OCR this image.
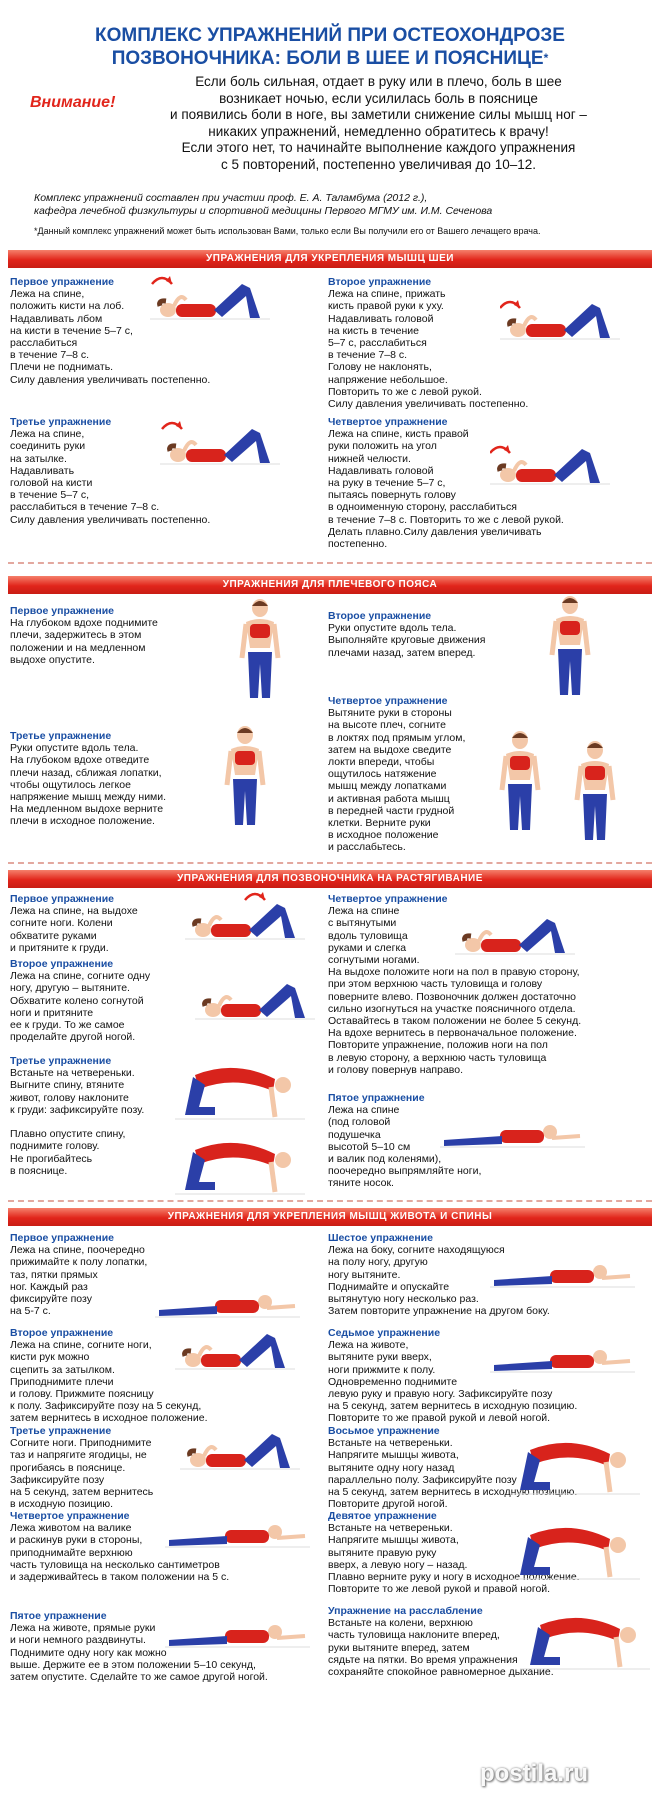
КОМПЛЕКС УПРАЖНЕНИЙ ПРИ ОСТЕОХОНДРОЗЕ
ПОЗВОНОЧНИКА: БОЛИ В ШЕЕ И ПОЯСНИЦЕ*
Внимание!
Если боль сильная, отдает в руку или в плечо, боль в шее
возникает ночью, если усилилась боль в пояснице
и появились боли в ноге, вы заметили снижение силы мышц ног –
никаких упражнений, немедленно обратитесь к врачу!
Если этого нет, то начинайте выполнение каждого упражнения
с 5 повторений, постепенно увеличивая до 10–12.
Комплекс упражнений составлен при участии проф. Е. А. Таламбума (2012 г.),
кафедра лечебной физкультуры и спортивной медицины Первого МГМУ им. И.М. Сеченова
*Данный комплекс упражнений может быть использован Вами, только если Вы получили его от Вашего лечащего врача.
УПРАЖНЕНИЯ ДЛЯ УКРЕПЛЕНИЯ МЫШЦ ШЕИ
Первое упражнение
Лежа на спине,
положить кисти на лоб.
Надавливать лбом
на кисти в течение 5–7 с,
расслабиться
в течение 7–8 с.
Плечи не поднимать.
Силу давления увеличивать постепенно.
Второе упражнение
Лежа на спине, прижать
кисть правой руки к уху.
Надавливать головой
на кисть в течение
5–7 с, расслабиться
в течение 7–8 с.
Голову не наклонять,
напряжение небольшое.
Повторить то же с левой рукой.
Силу давления увеличивать постепенно.
Третье упражнение
Лежа на спине,
соединить руки
на затылке.
Надавливать
головой на кисти
в течение 5–7 с,
расслабиться в течение 7–8 с.
Силу давления увеличивать постепенно.
Четвертое упражнение
Лежа на спине, кисть правой
руки положить на угол
нижней челюсти.
Надавливать головой
на руку в течение 5–7 с,
пытаясь повернуть голову
в одноименную сторону, расслабиться
в течение 7–8 с. Повторить то же с левой рукой.
Делать плавно.Силу давления увеличивать
постепенно.
УПРАЖНЕНИЯ ДЛЯ ПЛЕЧЕВОГО ПОЯСА
Первое упражнение
На глубоком вдохе поднимите
плечи, задержитесь в этом
положении и на медленном
выдохе опустите.
Второе упражнение
Руки опустите вдоль тела.
Выполняйте круговые движения
плечами назад, затем вперед.
Третье упражнение
Руки опустите вдоль тела.
На глубоком вдохе отведите
плечи назад, сближая лопатки,
чтобы ощутилось легкое
напряжение мышц между ними.
На медленном выдохе верните
плечи в исходное положение.
Четвертое упражнение
Вытяните руки в стороны
на высоте плеч, согните
в локтях под прямым углом,
затем на выдохе сведите
локти впереди, чтобы
ощутилось натяжение
мышц между лопатками
и активная работа мышц
в передней части грудной
клетки. Верните руки
в исходное положение
и расслабьтесь.
УПРАЖНЕНИЯ ДЛЯ ПОЗВОНОЧНИКА НА РАСТЯГИВАНИЕ
Первое упражнение
Лежа на спине, на выдохе
согните ноги. Колени
обхватите руками
и притяните к груди.
Второе упражнение
Лежа на спине, согните одну
ногу, другую – вытяните.
Обхватите колено согнутой
ноги и притяните
ее к груди. То же самое
проделайте другой ногой.
Третье упражнение
Встаньте на четвереньки.
Выгните спину, втяните
живот, голову наклоните
к груди: зафиксируйте позу.

Плавно опустите спину,
поднимите голову.
Не прогибайтесь
в пояснице.
Четвертое упражнение
Лежа на спине
с вытянутыми
вдоль туловища
руками и слегка
согнутыми ногами.
На выдохе положите ноги на пол в правую сторону,
при этом верхнюю часть туловища и голову
поверните влево. Позвоночник должен достаточно
сильно изогнуться на участке поясничного отдела.
Оставайтесь в таком положении не более 5 секунд.
На вдохе вернитесь в первоначальное положение.
Повторите упражнение, положив ноги на пол
в левую сторону, а верхнюю часть туловища
и голову повернув направо.
Пятое упражнение
Лежа на спине
(под головой
подушечка
высотой 5–10 см
и валик под коленями),
поочередно выпрямляйте ноги,
тяните носок.
УПРАЖНЕНИЯ ДЛЯ УКРЕПЛЕНИЯ МЫШЦ ЖИВОТА И СПИНЫ
Первое упражнение
Лежа на спине, поочередно
прижимайте к полу лопатки,
таз, пятки прямых
ног. Каждый раз
фиксируйте позу
на 5-7 с.
Шестое упражнение
Лежа на боку, согните находящуюся
на полу ногу, другую
ногу вытяните.
Поднимайте и опускайте
вытянутую ногу несколько раз.
Затем повторите упражнение на другом боку.
Второе упражнение
Лежа на спине, согните ноги,
кисти рук можно
сцепить за затылком.
Приподнимите плечи
и голову. Прижмите поясницу
к полу. Зафиксируйте позу на 5 секунд,
затем вернитесь в исходное положение.
Седьмое упражнение
Лежа на животе,
вытяните руки вверх,
ноги прижмите к полу.
Одновременно поднимите
левую руку и правую ногу. Зафиксируйте позу
на 5 секунд, затем вернитесь в исходную позицию.
Повторите то же правой рукой и левой ногой.
Третье упражнение
Согните ноги. Приподнимите
таз и напрягите ягодицы, не
прогибаясь в пояснице.
Зафиксируйте позу
на 5 секунд, затем вернитесь
в исходную позицию.
Восьмое упражнение
Встаньте на четвереньки.
Напрягите мышцы живота,
вытяните одну ногу назад
параллельно полу. Зафиксируйте позу
на 5 секунд, затем вернитесь в исходную позицию.
Повторите другой ногой.
Четвертое упражнение
Лежа животом на валике
и раскинув руки в стороны,
приподнимайте верхнюю
часть туловища на несколько сантиметров
и задерживайтесь в таком положении на 5 с.
Девятое упражнение
Встаньте на четвереньки.
Напрягите мышцы живота,
вытяните правую руку
вверх, а левую ногу – назад.
Плавно верните руку и ногу в исходное положение.
Повторите то же левой рукой и правой ногой.
Пятое упражнение
Лежа на животе, прямые руки
и ноги немного раздвинуты.
Поднимите одну ногу как можно
выше. Держите ее в этом положении 5–10 секунд,
затем опустите. Сделайте то же самое другой ногой.
Упражнение на расслабление
Встаньте на колени, верхнюю
часть туловища наклоните вперед,
руки вытяните вперед, затем
сядьте на пятки. Во время упражнения
сохраняйте спокойное равномерное дыхание.
postila.ru
